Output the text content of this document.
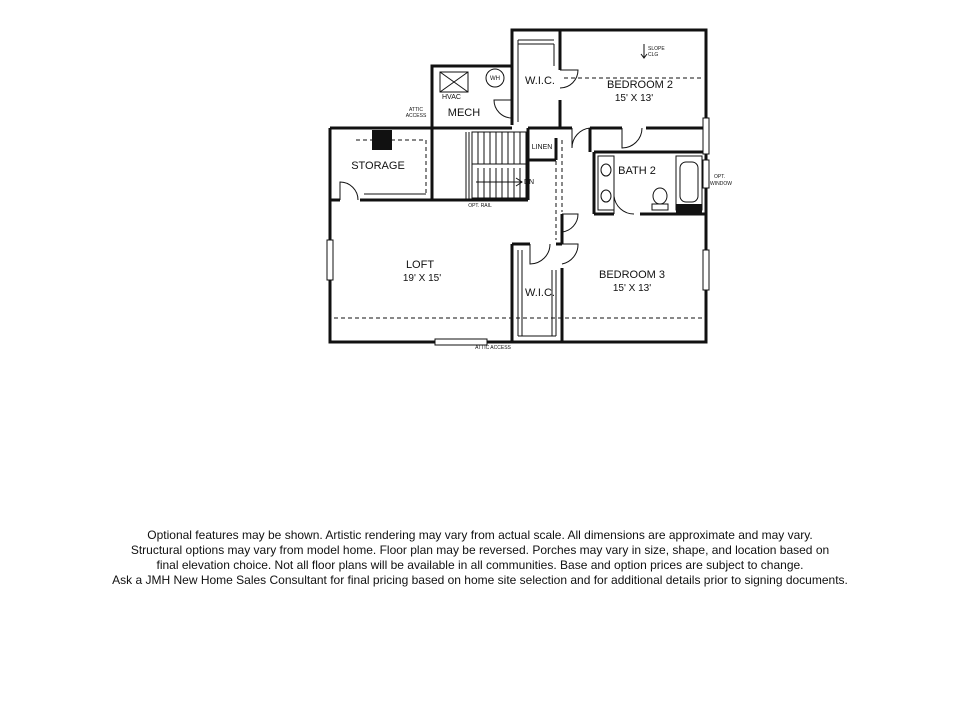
BEDROOM 2
15' X 13'
BEDROOM 3
15' X 13'
LOFT
19' X 15'
STORAGE
MECH
W.I.C.
W.I.C.
BATH 2
LINEN
HVAC
WH
ATTIC
ACCESS
ATTIC ACCESS
SLOPE
CLG
OPT.
WINDOW
OPT. RAIL
DN
Optional features may be shown. Artistic rendering may vary from actual scale. All dimensions are approximate and may vary.
Structural options may vary from model home. Floor plan may be reversed. Porches may vary in size, shape, and location based on
final elevation choice. Not all floor plans will be available in all communities. Base and option prices are subject to change.
Ask a JMH New Home Sales Consultant for final pricing based on home site selection and for additional details prior to signing documents.
